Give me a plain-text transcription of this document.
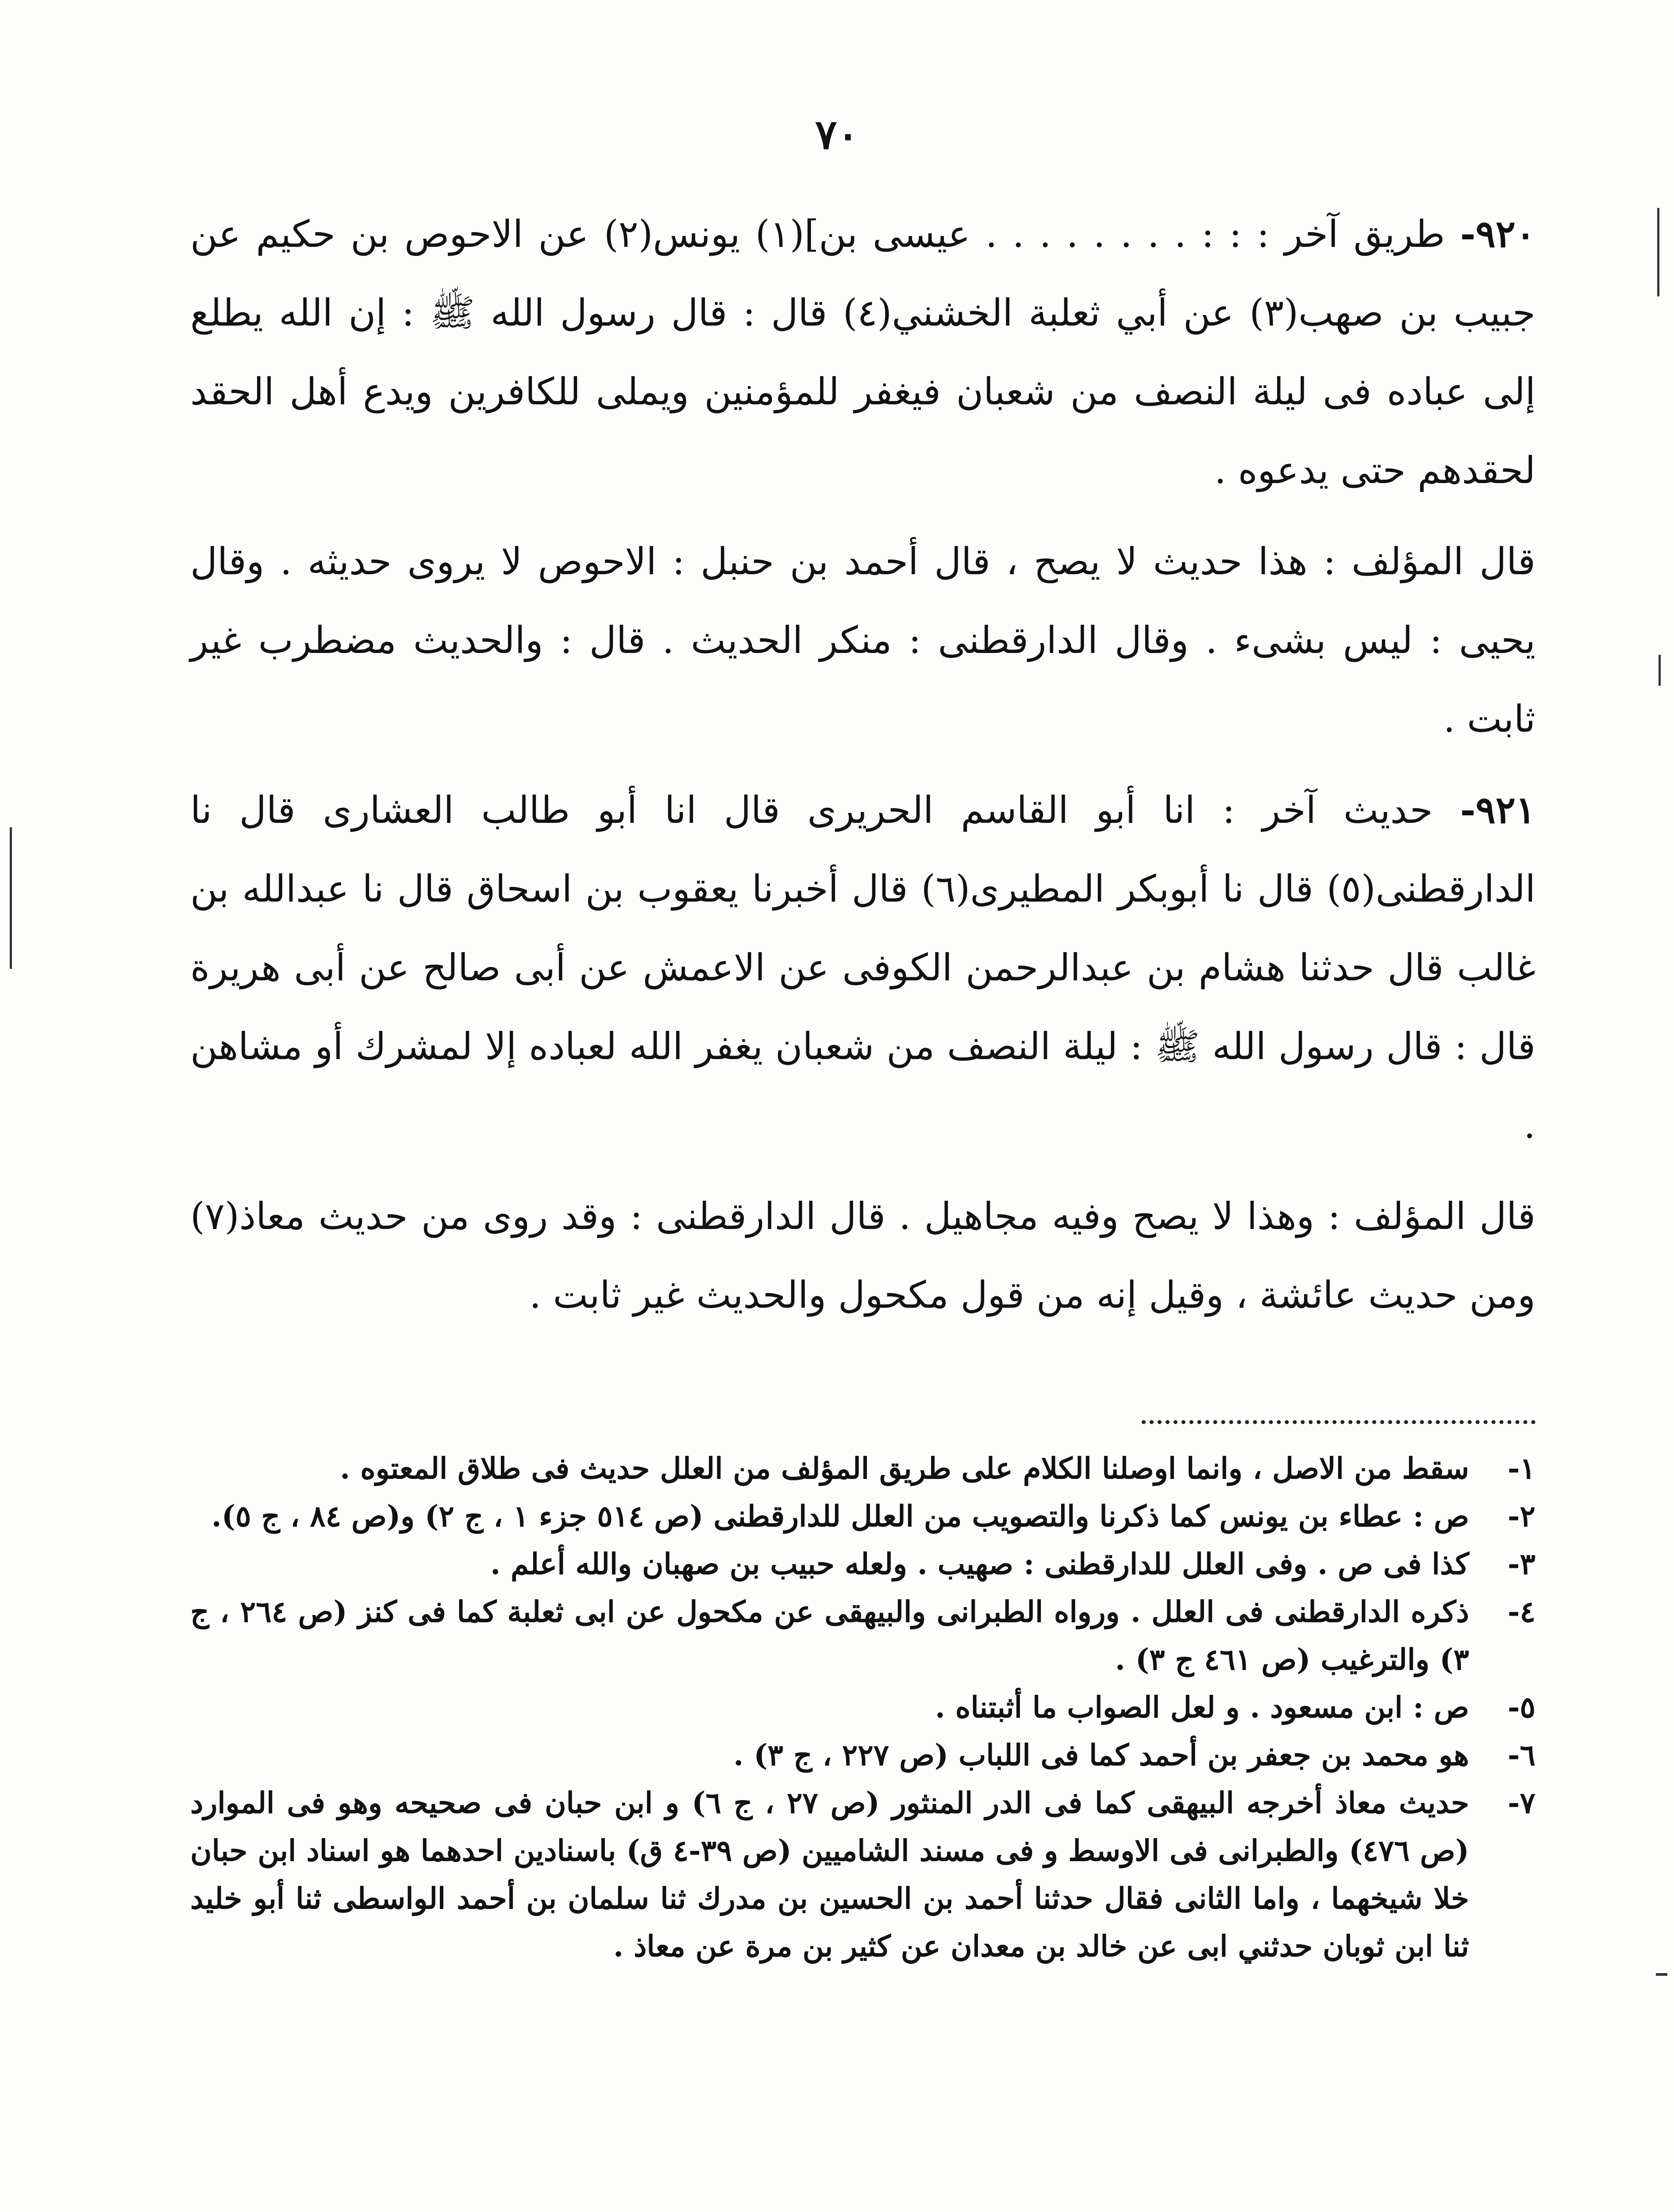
٧٠

٩٢٠- طريق آخر : : : . . . . . . . . عيسى بن](١) يونس(٢) عن الاحوص بن حكيم عن جبيب بن صهب(٣) عن أبي ثعلبة الخشني(٤) قال : قال رسول الله ﷺ : إن الله يطلع إلى عباده فى ليلة النصف من شعبان فيغفر للمؤمنين ويملى للكافرين ويدع أهل الحقد لحقدهم حتى يدعوه .

قال المؤلف : هذا حديث لا يصح ، قال أحمد بن حنبل : الاحوص لا يروى حديثه . وقال يحيى : ليس بشىء . وقال الدارقطنى : منكر الحديث . قال : والحديث مضطرب غير ثابت .

٩٢١- حديث آخر : انا أبو القاسم الحريرى قال انا أبو طالب العشارى قال نا الدارقطنى(٥) قال نا أبوبكر المطيرى(٦) قال أخبرنا يعقوب بن اسحاق قال نا عبدالله بن غالب قال حدثنا هشام بن عبدالرحمن الكوفى عن الاعمش عن أبى صالح عن أبى هريرة قال : قال رسول الله ﷺ : ليلة النصف من شعبان يغفر الله لعباده إلا لمشرك أو مشاهن .

قال المؤلف : وهذا لا يصح وفيه مجاهيل . قال الدارقطنى : وقد روى من حديث معاذ(٧) ومن حديث عائشة ، وقيل إنه من قول مكحول والحديث غير ثابت .

١-
سقط من الاصل ، وانما اوصلنا الكلام على طريق المؤلف من العلل حديث فى طلاق المعتوه .
٢-
ص : عطاء بن يونس كما ذكرنا والتصويب من العلل للدارقطنى (ص ٥١٤ جزء ١ ، ج ٢) و(ص ٨٤ ، ج ٥).
٣-
كذا فى ص . وفى العلل للدارقطنى : صهيب . ولعله حبيب بن صهبان والله أعلم .
٤-
ذكره الدارقطنى فى العلل . ورواه الطبرانى والبيهقى عن مكحول عن ابى ثعلبة كما فى كنز (ص ٢٦٤ ، ج ٣) والترغيب (ص ٤٦١ ج ٣) .
٥-
ص : ابن مسعود . و لعل الصواب ما أثبتناه .
٦-
هو محمد بن جعفر بن أحمد كما فى اللباب (ص ٢٢٧ ، ج ٣) .
٧-
حديث معاذ أخرجه البيهقى كما فى الدر المنثور (ص ٢٧ ، ج ٦) و ابن حبان فى صحيحه وهو فى الموارد (ص ٤٧٦) والطبرانى فى الاوسط و فى مسند الشاميين (ص ٣٩-٤ ق) باسنادين احدهما هو اسناد ابن حبان خلا شيخهما ، واما الثانى فقال حدثنا أحمد بن الحسين بن مدرك ثنا سلمان بن أحمد الواسطى ثنا أبو خليد ثنا ابن ثوبان حدثني ابى عن خالد بن معدان عن كثير بن مرة عن معاذ .
